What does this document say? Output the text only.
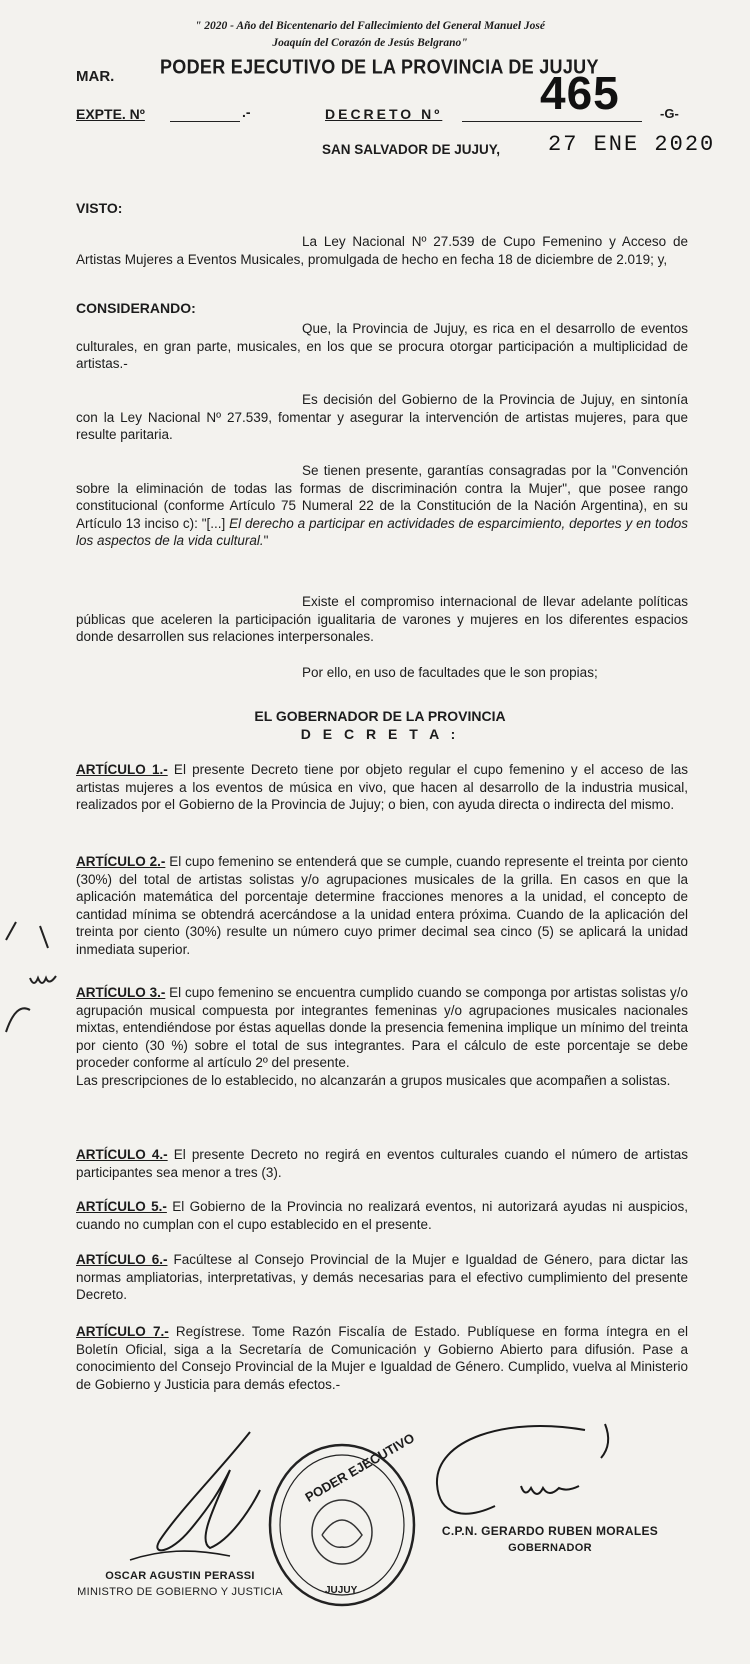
" 2020 - Año del Bicentenario del Fallecimiento del General Manuel José
Joaquín del Corazón de Jesús Belgrano"
MAR.	PODER EJECUTIVO DE LA PROVINCIA DE JUJUY
EXPTE. Nº	.-	DECRETO Nº 465	-G-
SAN SALVADOR DE JUJUY, 27 ENE 2020
VISTO:
La Ley Nacional Nº 27.539 de Cupo Femenino y Acceso de Artistas Mujeres a Eventos Musicales, promulgada de hecho en fecha 18 de diciembre de 2.019; y,
CONSIDERANDO:
Que, la Provincia de Jujuy, es rica en el desarrollo de eventos culturales, en gran parte, musicales, en los que se procura otorgar participación a multiplicidad de artistas.-
Es decisión del Gobierno de la Provincia de Jujuy, en sintonía con la Ley Nacional Nº 27.539, fomentar y asegurar la intervención de artistas mujeres, para que resulte paritaria.
Se tienen presente, garantías consagradas por la "Convención sobre la eliminación de todas las formas de discriminación contra la Mujer", que posee rango constitucional (conforme Artículo 75 Numeral 22 de la Constitución de la Nación Argentina), en su Artículo 13 inciso c): "[...] El derecho a participar en actividades de esparcimiento, deportes y en todos los aspectos de la vida cultural."
Existe el compromiso internacional de llevar adelante políticas públicas que aceleren la participación igualitaria de varones y mujeres en los diferentes espacios donde desarrollen sus relaciones interpersonales.
Por ello, en uso de facultades que le son propias;
EL GOBERNADOR DE LA PROVINCIA
D E C R E T A :
ARTÍCULO 1.- El presente Decreto tiene por objeto regular el cupo femenino y el acceso de las artistas mujeres a los eventos de música en vivo, que hacen al desarrollo de la industria musical, realizados por el Gobierno de la Provincia de Jujuy; o bien, con ayuda directa o indirecta del mismo.
ARTÍCULO 2.- El cupo femenino se entenderá que se cumple, cuando represente el treinta por ciento (30%) del total de artistas solistas y/o agrupaciones musicales de la grilla. En casos en que la aplicación matemática del porcentaje determine fracciones menores a la unidad, el concepto de cantidad mínima se obtendrá acercándose a la unidad entera próxima. Cuando de la aplicación del treinta por ciento (30%) resulte un número cuyo primer decimal sea cinco (5) se aplicará la unidad inmediata superior.
ARTÍCULO 3.- El cupo femenino se encuentra cumplido cuando se componga por artistas solistas y/o agrupación musical compuesta por integrantes femeninas y/o agrupaciones musicales nacionales mixtas, entendiéndose por éstas aquellas donde la presencia femenina implique un mínimo del treinta por ciento (30 %) sobre el total de sus integrantes. Para el cálculo de este porcentaje se debe proceder conforme al artículo 2º del presente.
Las prescripciones de lo establecido, no alcanzarán a grupos musicales que acompañen a solistas.
ARTÍCULO 4.- El presente Decreto no regirá en eventos culturales cuando el número de artistas participantes sea menor a tres (3).
ARTÍCULO 5.- El Gobierno de la Provincia no realizará eventos, ni autorizará ayudas ni auspicios, cuando no cumplan con el cupo establecido en el presente.
ARTÍCULO 6.- Facúltese al Consejo Provincial de la Mujer e Igualdad de Género, para dictar las normas ampliatorias, interpretativas, y demás necesarias para el efectivo cumplimiento del presente Decreto.
ARTÍCULO 7.- Regístrese. Tome Razón Fiscalía de Estado. Publíquese en forma íntegra en el Boletín Oficial, siga a la Secretaría de Comunicación y Gobierno Abierto para difusión. Pase a conocimiento del Consejo Provincial de la Mujer e Igualdad de Género. Cumplido, vuelva al Ministerio de Gobierno y Justicia para demás efectos.-
OSCAR AGUSTIN PERASSI
MINISTRO DE GOBIERNO Y JUSTICIA
PODER EJECUTIVO
JUJUY
C.P.N. GERARDO RUBEN MORALES
GOBERNADOR
